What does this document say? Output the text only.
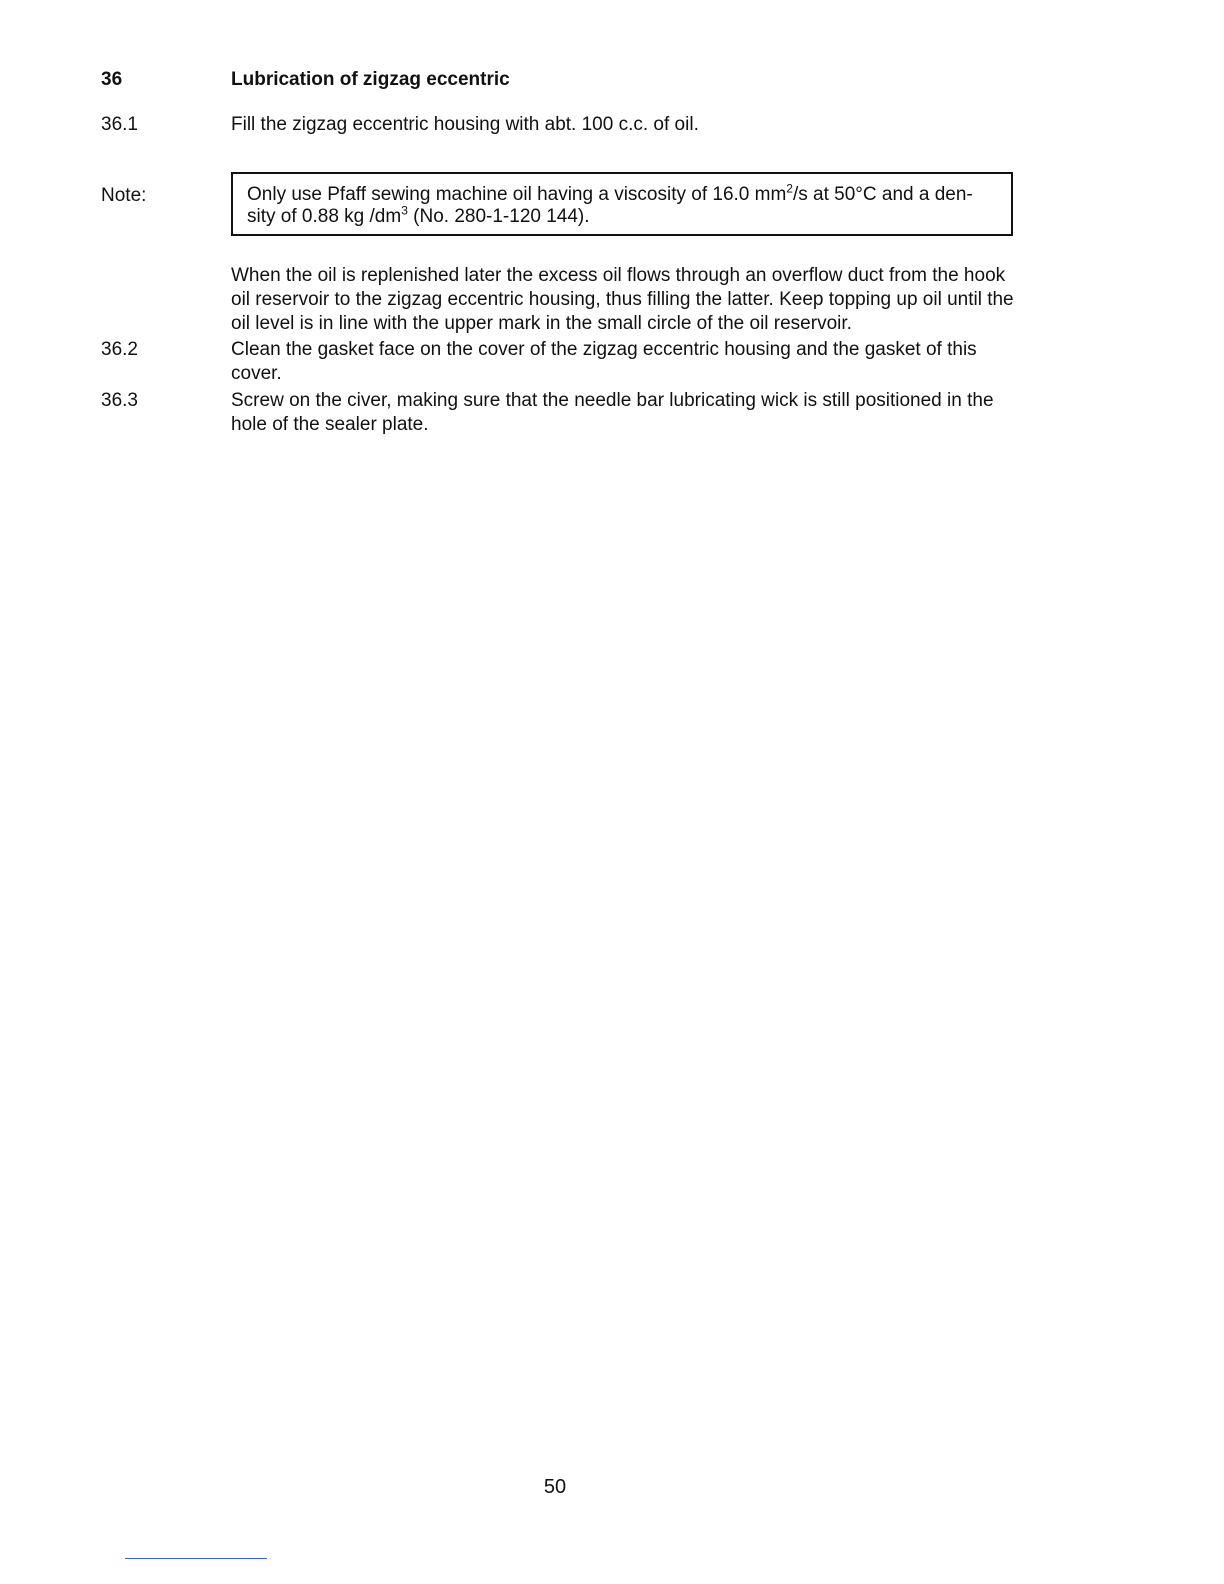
36	Lubrication of zigzag eccentric
36.1	Fill the zigzag eccentric housing with abt. 100 c.c. of oil.
Note:	Only use Pfaff sewing machine oil having a viscosity of 16.0 $mm^2/s$ at 50°C and a den-
sity of 0.88 kg $/dm^3$ (No. 280-1-120 144).
When the oil is replenished later the excess oil flows through an overflow duct from the hook oil reservoir to the zigzag eccentric housing, thus filling the latter. Keep topping up oil until the oil level is in line with the upper mark in the small circle of the oil reservoir.
36.2	Clean the gasket face on the cover of the zigzag eccentric housing and the gasket of this cover.
36.3	Screw on the civer, making sure that the needle bar lubricating wick is still positioned in the hole of the sealer plate.
50
